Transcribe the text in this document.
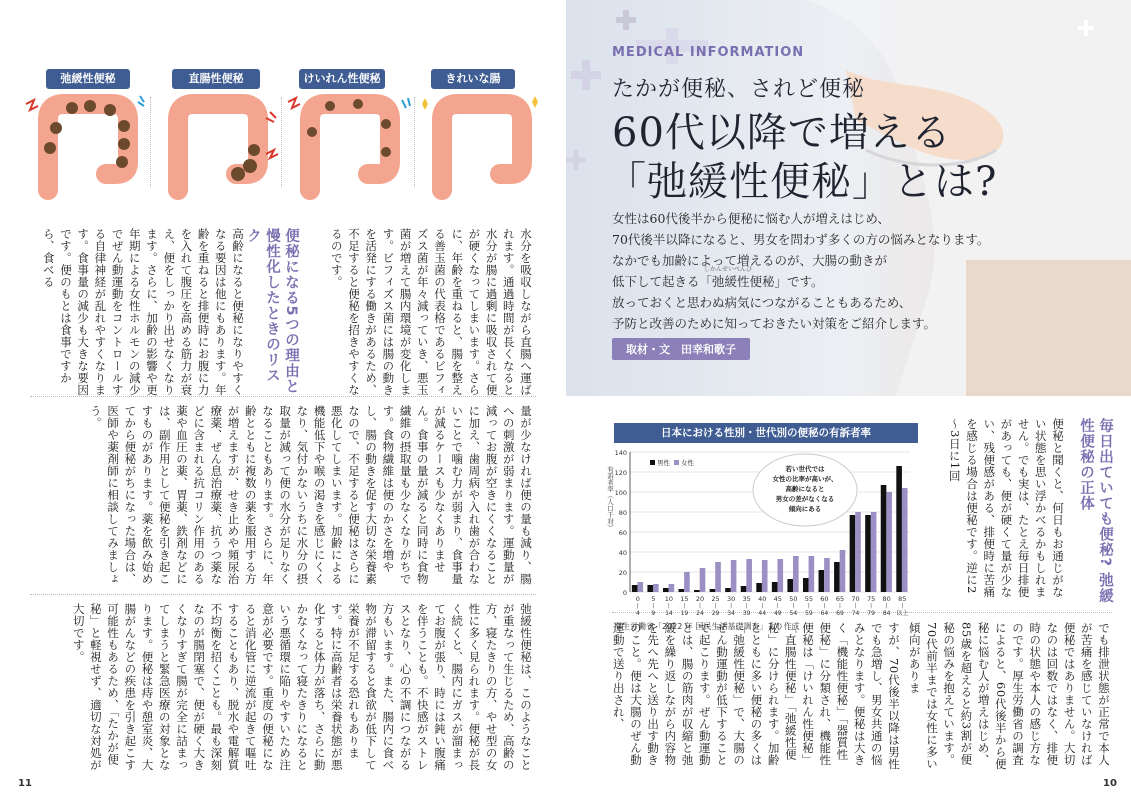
弛緩性便秘	直腸性便秘	けいれん性便秘	きれいな腸

水分を吸収しながら直腸へ運ばれます。通過時間が長くなると水分が腸に過剰に吸収されて便が硬くなってしまいます。さらに、年齢を重ねると、腸を整える善玉菌の代表格であるビフィズス菌が年々減っていき、悪玉菌が増えて腸内環境が変化します。ビフィズス菌には腸の動きを活発にする働きがあるため、不足すると便秘を招きやすくなるのです。

便秘になる5つの理由と 慢性化したときのリスク

高齢になると便秘になりやすくなる要因は他にもあります。年齢を重ねると排便時にお腹に力を入れて腹圧を高める筋力が衰え、便をしっかり出せなくなります。さらに、加齢の影響や更年期による女性ホルモンの減少でぜん動運動をコントロールする自律神経が乱れやすくなります。食事量の減少も大きな要因です。便のもとは食事ですから、食べる

量が少なければ便の量も減り、腸への刺激が弱まります。運動量が減ってお腹が空きにくくなることに加え、歯周病や入れ歯が合わないことで噛む力が弱まり、食事量が減るケースも少なくありません。食事の量が減ると同時に食物繊維の摂取量も少なくなりがちです。食物繊維は便のかさを増やし、腸の動きを促す大切な栄養素なので、不足すると便秘はさらに悪化してしまいます。加齢による機能低下や喉の渇きを感じにくくなり、気付かないうちに水分の摂取量が減って便の水分が足りなくなることもあります。さらに、年齢とともに複数の薬を服用する方が増えますが、せき止めや頻尿治療薬、ぜん息治療薬、抗うつ薬などに含まれる抗コリン作用のある薬や血圧の薬、胃薬、鉄剤などには、副作用として便秘を引き起こすものがあります。薬を飲み始めてから便秘がちになった場合は、医師や薬剤師に相談してみましょう。

弛緩性便秘は、このようなことが重なって生じるため、高齢の方、寝たきりの方、やせ型の女性に多く見られます。便秘が長く続くと、腸内にガスが溜まってお腹が張り、時には鈍い腹痛を伴うことも。不快感がストレスとなり、心の不調につながる方もいます。また、腸内に食べ物が滞留すると食欲が低下して栄養が不足する恐れもあります。特に高齢者は栄養状態が悪化すると体力が落ち、さらに動かなくなって寝たきりになるという悪循環に陥りやすいため注意が必要です。重度の便秘になると消化管に逆流が起きて嘔吐することもあり、脱水や電解質不均衡を招くことも。最も深刻なのが腸閉塞で、便が硬く大きくなりすぎて腸が完全に詰まってしまうと緊急医療の対象となります。便秘は痔や憩室炎、大腸がんなどの疾患を引き起こす可能性もあるため、「たかが便秘」と軽視せず、適切な対処が大切です。

11
MEDICAL INFORMATION
たかが便秘、されど便秘
60代以降で増える
「弛緩性便秘」とは?
女性は60代後半から便秘に悩む人が増えはじめ、
70代後半以降になると、男女を問わず多くの方の悩みとなります。
なかでも加齢によって増えるのが、大腸の動きが
低下して起きる「弛緩性便秘」です。
放っておくと思わぬ病気につながることもあるため、
予防と改善のために知っておきたい対策をご紹介します。
しかんせいべんぴ
取材・文　田幸和歌子

毎日出ていても便秘? 弛緩性便秘の正体

便秘と聞くと、何日もお通じがない状態を思い浮かべるかもしれません。でも実は、たとえ毎日排便があっても、便が硬くて量が少ない、残便感がある、排便時に苦痛を感じる場合は便秘です。逆に2～3日に1回

すが、70代後半以降は男性でも急増し、男女共通の悩みとなります。便秘は大きく「機能性便秘」「器質性便秘」に分類され、機能性便秘は「けいれん性便秘」「直腸性便秘」「弛緩性便秘」に分けられます。加齢とともに多い便秘の多くは「弛緩性便秘」で、大腸のぜん動運動が低下することで起こります。ぜん動運動とは、腸の筋肉が収縮と弛緩を繰り返しながら内容物を先へ先へと送り出す動きのこと。便は大腸のぜん動運動で送り出され、	でも排泄状態が正常で本人が苦痛を感じていなければ便秘ではありません。大切なのは回数ではなく、排便時の状態や本人の感じ方なのです。厚生労働省の調査によると、60代後半から便秘に悩む人が増えはじめ、85歳を超えると約3割が便秘の悩みを抱えています。70代前半までは女性に多い傾向がありま

日本における性別・世代別の便秘の有訴者率
0
20
40
60
80
100
120
140
有訴者率（人口千対）
0
|
4
5
|
9
10
|
14
15
|
19
20
|
24
25
|
29
30
|
34
35
|
39
40
|
44
45
|
49
50
|
54
55
|
59
60
|
64
65
|
69
70
|
74
75
|
79
80
|
84
85
|
以上
男性 女性
若い世代では
女性の比率が高いが、
高齢になると
男女の差がなくなる
傾向にある
厚生労働省「2022 年 国民生活基礎調査」より作成
10
